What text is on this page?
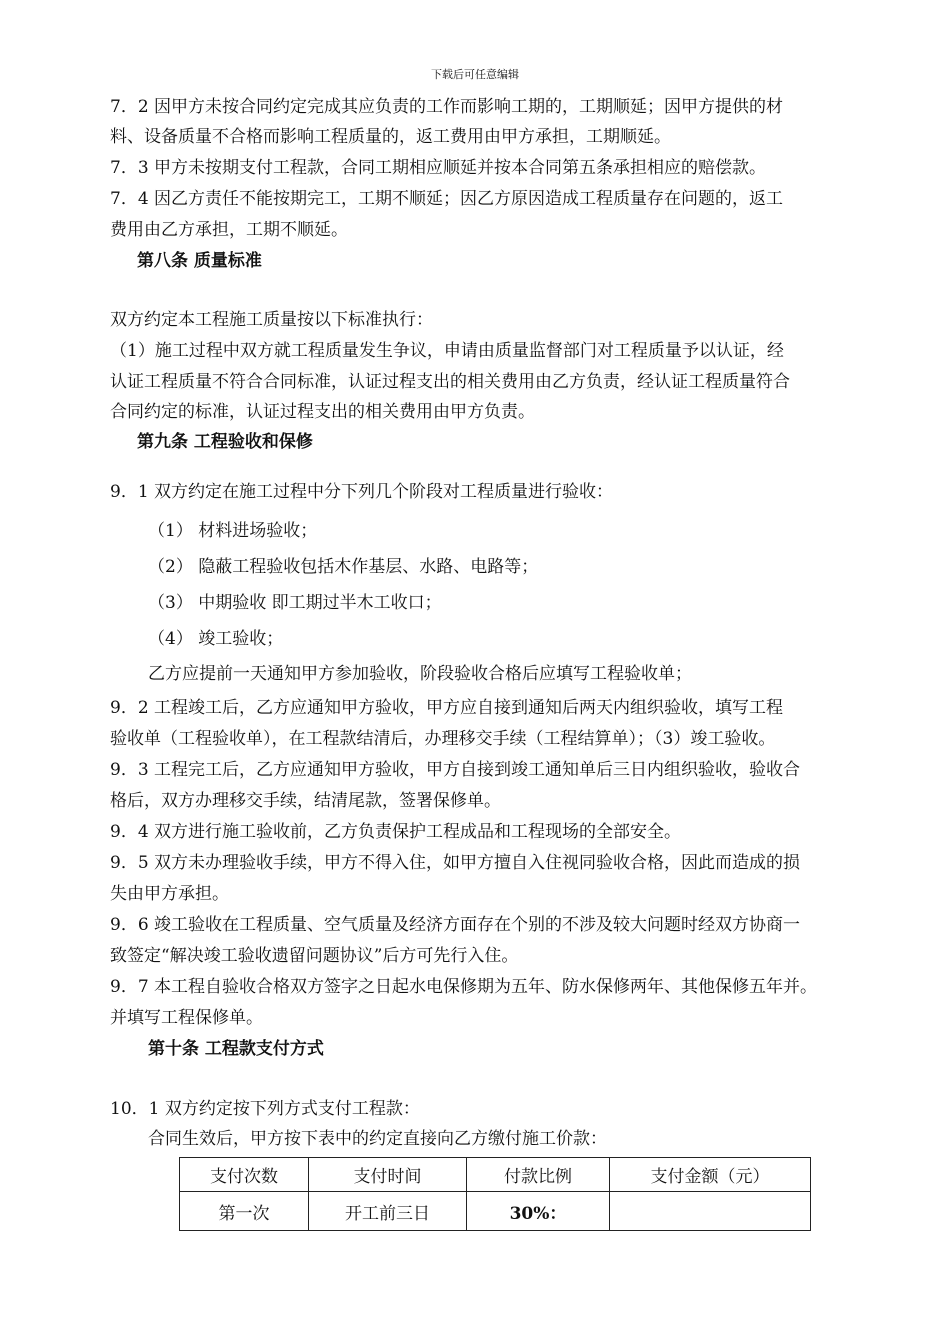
下载后可任意编辑
7．2 因甲方未按合同约定完成其应负责的工作而影响工期的，工期顺延；因甲方提供的材
料、设备质量不合格而影响工程质量的，返工费用由甲方承担，工期顺延。
7．3 甲方未按期支付工程款，合同工期相应顺延并按本合同第五条承担相应的赔偿款。
7．4 因乙方责任不能按期完工，工期不顺延；因乙方原因造成工程质量存在问题的，返工
费用由乙方承担，工期不顺延。
第八条 质量标准
双方约定本工程施工质量按以下标准执行：
（1）施工过程中双方就工程质量发生争议，申请由质量监督部门对工程质量予以认证，经
认证工程质量不符合合同标准，认证过程支出的相关费用由乙方负责，经认证工程质量符合
合同约定的标准，认证过程支出的相关费用由甲方负责。
第九条 工程验收和保修
9．1 双方约定在施工过程中分下列几个阶段对工程质量进行验收：
（1） 材料进场验收；
（2） 隐蔽工程验收包括木作基层、水路、电路等；
（3） 中期验收 即工期过半木工收口；
（4） 竣工验收；
乙方应提前一天通知甲方参加验收，阶段验收合格后应填写工程验收单；
9．2 工程竣工后，乙方应通知甲方验收，甲方应自接到通知后两天内组织验收，填写工程
验收单（工程验收单），在工程款结清后，办理移交手续（工程结算单）；（3）竣工验收。
9．3 工程完工后，乙方应通知甲方验收，甲方自接到竣工通知单后三日内组织验收，验收合
格后，双方办理移交手续，结清尾款，签署保修单。
9．4 双方进行施工验收前，乙方负责保护工程成品和工程现场的全部安全。
9．5 双方未办理验收手续，甲方不得入住，如甲方擅自入住视同验收合格，因此而造成的损
失由甲方承担。
9．6 竣工验收在工程质量、空气质量及经济方面存在个别的不涉及较大问题时经双方协商一
致签定“解决竣工验收遗留问题协议”后方可先行入住。
9．7 本工程自验收合格双方签字之日起水电保修期为五年、防水保修两年、其他保修五年并。
并填写工程保修单。
第十条 工程款支付方式
10．1 双方约定按下列方式支付工程款：
合同生效后，甲方按下表中的约定直接向乙方缴付施工价款：
支付次数	支付时间	付款比例	支付金额（元）
第一次	开工前三日	30%：	
